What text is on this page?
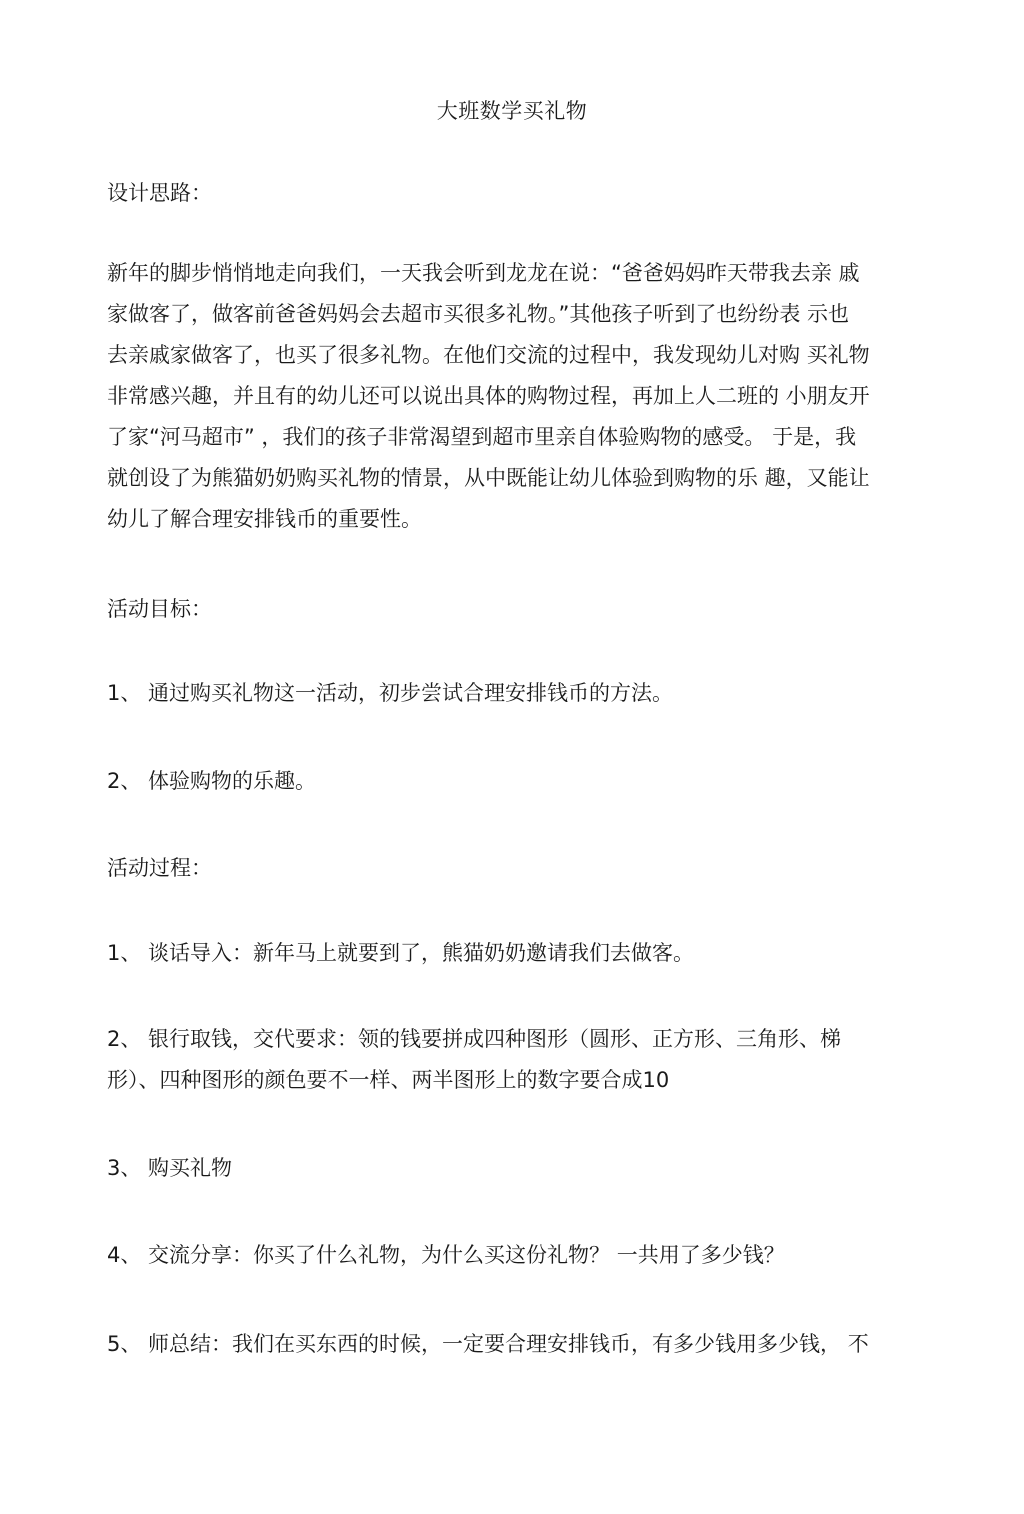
大班数学买礼物
设计思路：
新年的脚步悄悄地走向我们，一天我会听到龙龙在说：“爸爸妈妈昨天带我去亲 戚
家做客了，做客前爸爸妈妈会去超市买很多礼物。”其他孩子听到了也纷纷表 示也
去亲戚家做客了，也买了很多礼物。在他们交流的过程中，我发现幼儿对购 买礼物
非常感兴趣，并且有的幼儿还可以说出具体的购物过程，再加上人二班的 小朋友开
了家“河马超市” ，我们的孩子非常渴望到超市里亲自体验购物的感受。 于是，我
就创设了为熊猫奶奶购买礼物的情景，从中既能让幼儿体验到购物的乐 趣，又能让
幼儿了解合理安排钱币的重要性。
活动目标：
1、 通过购买礼物这一活动，初步尝试合理安排钱币的方法。
2、 体验购物的乐趣。
活动过程：
1、 谈话导入：新年马上就要到了，熊猫奶奶邀请我们去做客。
2、 银行取钱，交代要求：领的钱要拼成四种图形（圆形、正方形、三角形、梯
形）、四种图形的颜色要不一样、两半图形上的数字要合成10
3、 购买礼物
4、 交流分享：你买了什么礼物，为什么买这份礼物？ 一共用了多少钱？
5、 师总结：我们在买东西的时候，一定要合理安排钱币，有多少钱用多少钱， 不
